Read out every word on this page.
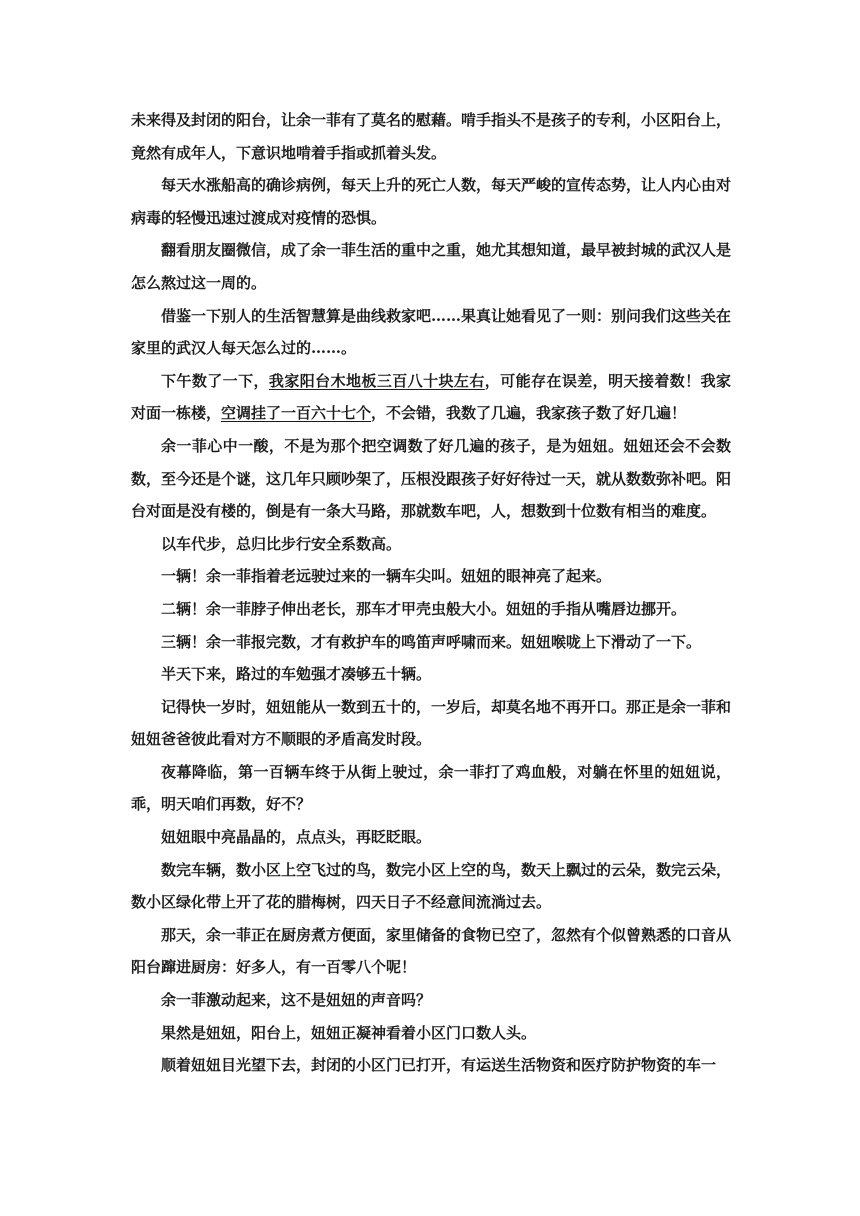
未来得及封闭的阳台，让余一菲有了莫名的慰藉。啃手指头不是孩子的专利，小区阳台上，竟然有成年人，下意识地啃着手指或抓着头发。

每天水涨船高的确诊病例，每天上升的死亡人数，每天严峻的宣传态势，让人内心由对病毒的轻慢迅速过渡成对疫情的恐惧。

翻看朋友圈微信，成了余一菲生活的重中之重，她尤其想知道，最早被封城的武汉人是怎么熬过这一周的。

借鉴一下别人的生活智慧算是曲线救家吧……果真让她看见了一则：别问我们这些关在家里的武汉人每天怎么过的……。

下午数了一下，我家阳台木地板三百八十块左右，可能存在误差，明天接着数！我家对面一栋楼，空调挂了一百六十七个，不会错，我数了几遍，我家孩子数了好几遍！

余一菲心中一酸，不是为那个把空调数了好几遍的孩子，是为妞妞。妞妞还会不会数数，至今还是个谜，这几年只顾吵架了，压根没跟孩子好好待过一天，就从数数弥补吧。阳台对面是没有楼的，倒是有一条大马路，那就数车吧，人，想数到十位数有相当的难度。

以车代步，总归比步行安全系数高。

一辆！余一菲指着老远驶过来的一辆车尖叫。妞妞的眼神亮了起来。

二辆！余一菲脖子伸出老长，那车才甲壳虫般大小。妞妞的手指从嘴唇边挪开。

三辆！余一菲报完数，才有救护车的鸣笛声呼啸而来。妞妞喉咙上下滑动了一下。

半天下来，路过的车勉强才凑够五十辆。

记得快一岁时，妞妞能从一数到五十的，一岁后，却莫名地不再开口。那正是余一菲和妞妞爸爸彼此看对方不顺眼的矛盾高发时段。

夜幕降临，第一百辆车终于从街上驶过，余一菲打了鸡血般，对躺在怀里的妞妞说，乖，明天咱们再数，好不？

妞妞眼中亮晶晶的，点点头，再眨眨眼。

数完车辆，数小区上空飞过的鸟，数完小区上空的鸟，数天上飘过的云朵，数完云朵，数小区绿化带上开了花的腊梅树，四天日子不经意间流淌过去。

那天，余一菲正在厨房煮方便面，家里储备的食物已空了，忽然有个似曾熟悉的口音从阳台蹿进厨房：好多人，有一百零八个呢！

余一菲激动起来，这不是妞妞的声音吗？

果然是妞妞，阳台上，妞妞正凝神看着小区门口数人头。

顺着妞妞目光望下去，封闭的小区门已打开，有运送生活物资和医疗防护物资的车一
